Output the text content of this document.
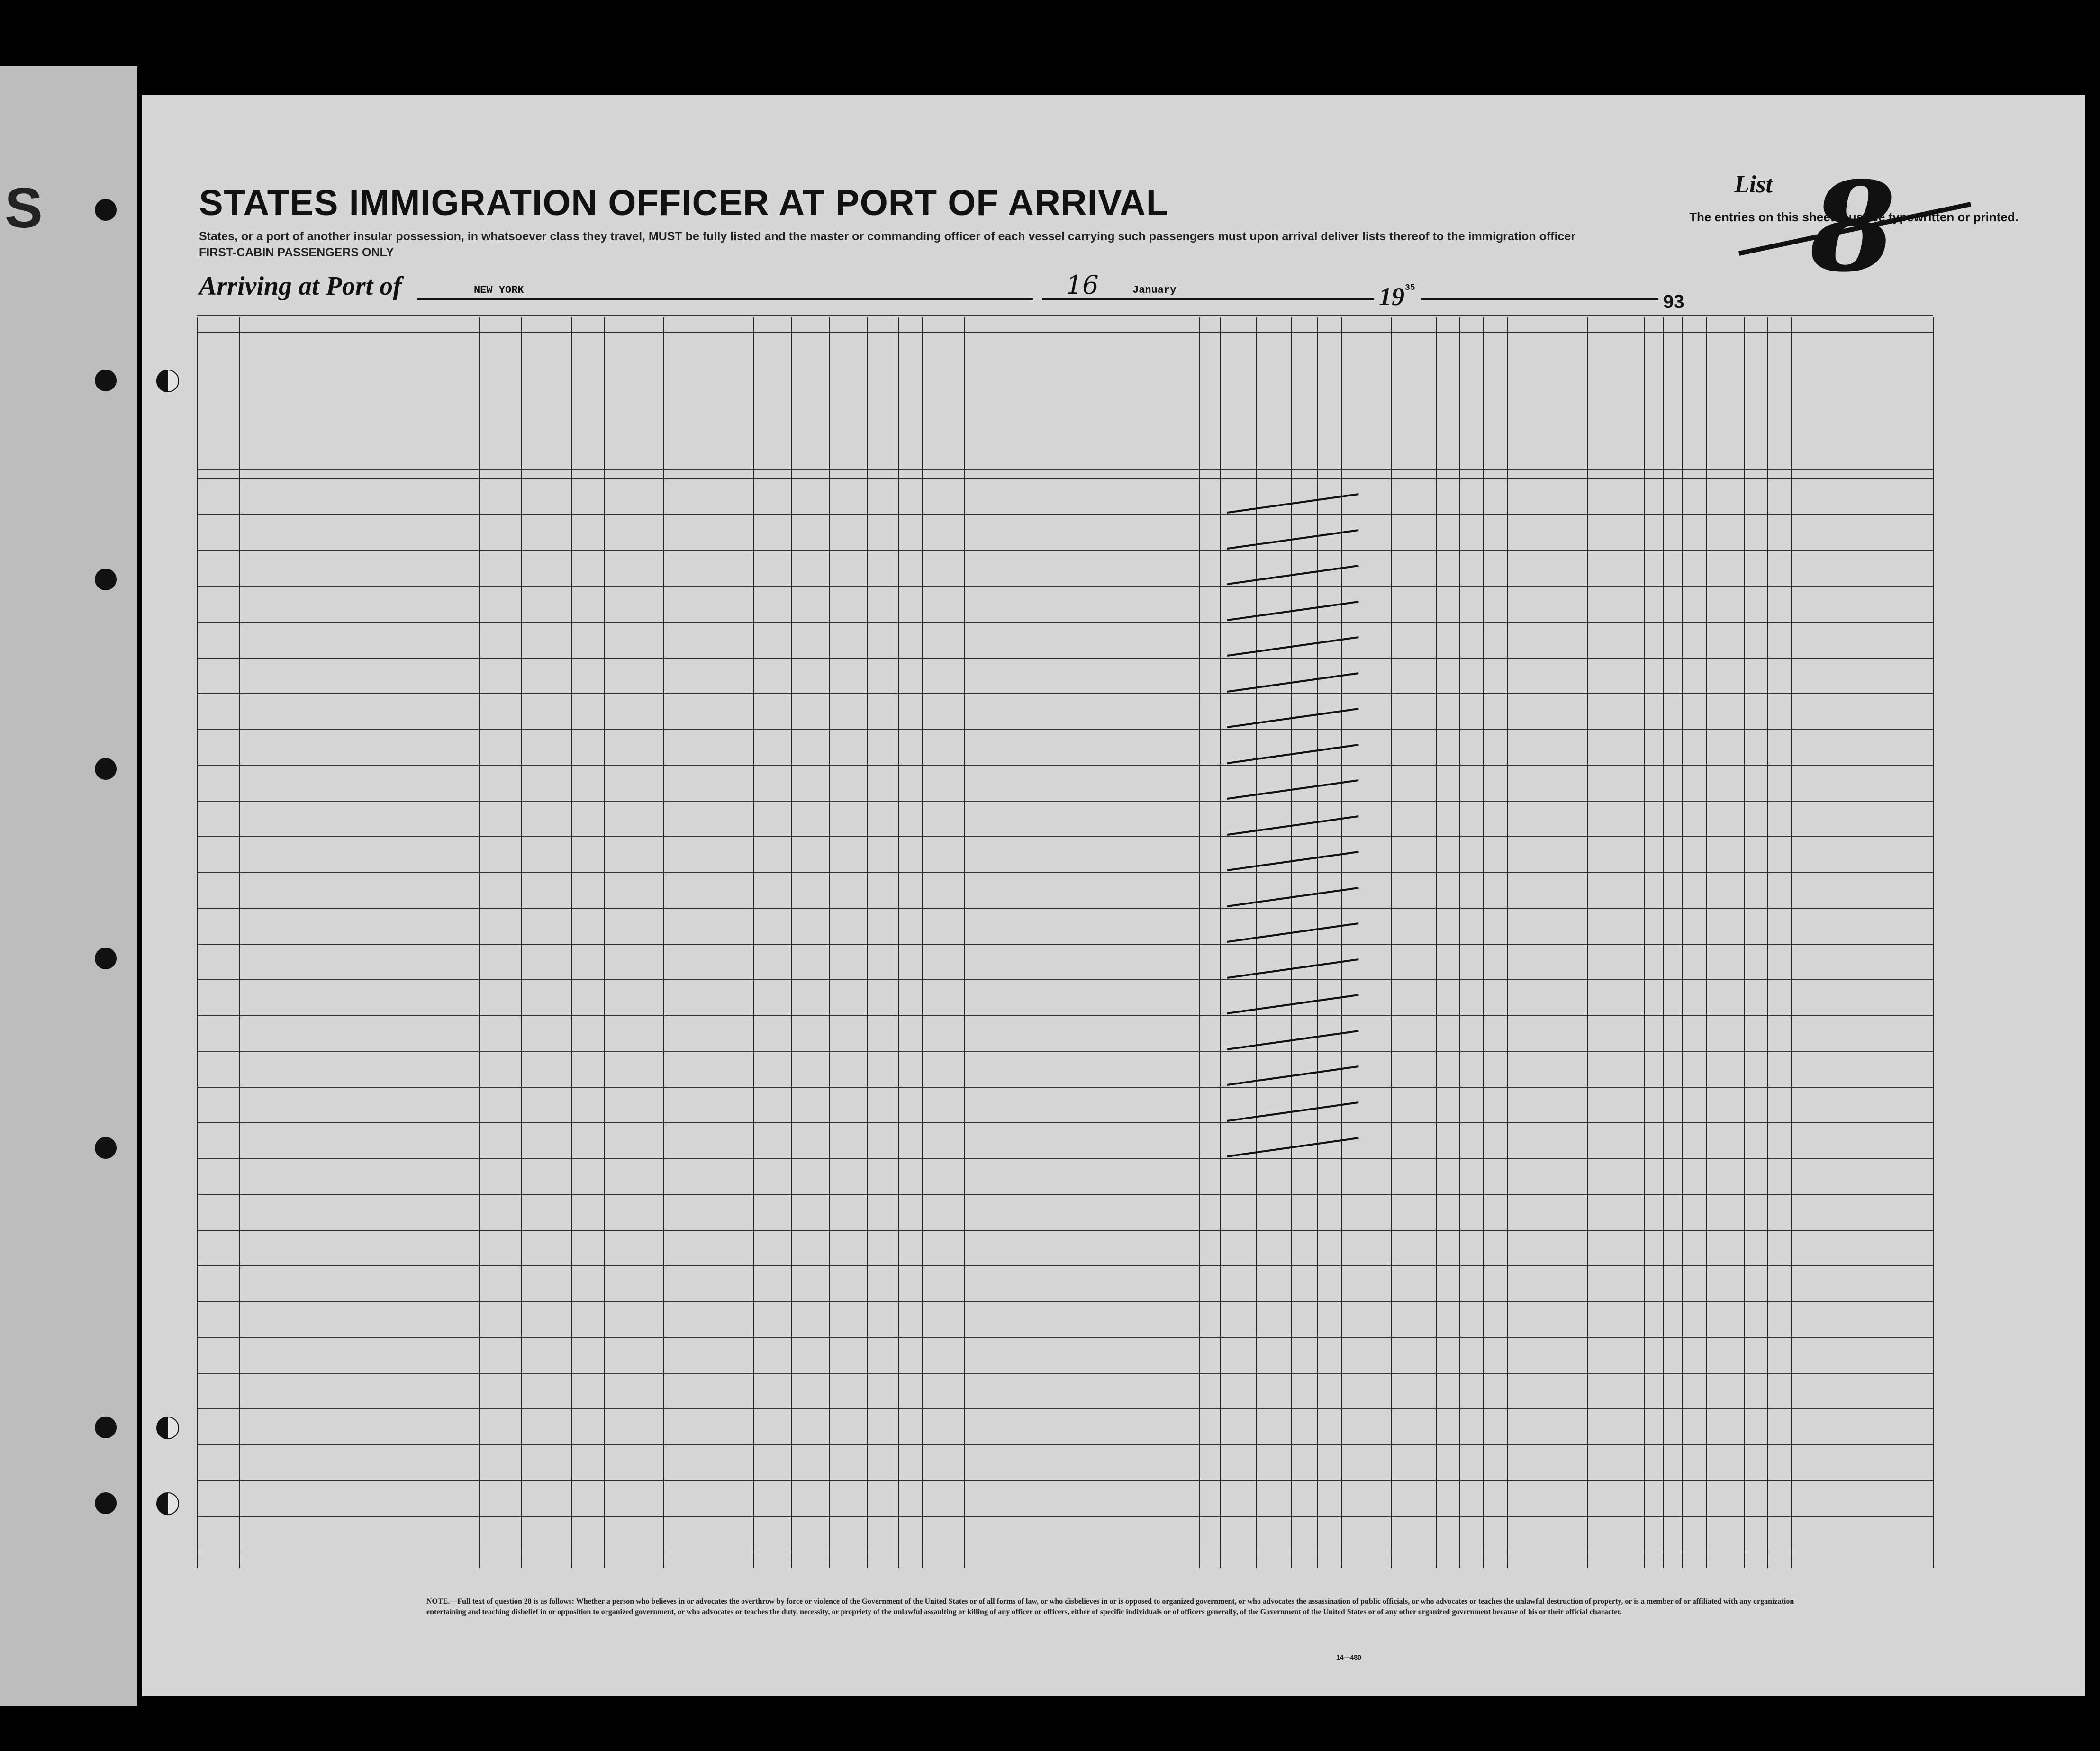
S	STATES IMMIGRATION OFFICER AT PORT OF ARRIVAL
States, or a port of another insular possession, in whatsoever class they travel, MUST be fully listed and the master or commanding officer of each vessel carrying such passengers must upon arrival deliver lists thereof to the immigration officer
FIRST-CABIN PASSENGERS ONLY
Arriving at Port of	NEW YORK	16	January	19 35
93
List 8
The entries on this sheet must be typewritten or printed.
NOTE.—Full text of question 28 is as follows: Whether a person who believes in or advocates the overthrow by force or violence of the Government of the United States or of all forms of law, or who disbelieves in or is opposed to organized government, or who advocates the assassination of public officials, or who advocates or teaches the unlawful destruction of property, or is a member of or affiliated with any organization entertaining and teaching disbelief in or opposition to organized government, or who advocates or teaches the duty, necessity, or propriety of the unlawful assaulting or killing of any officer or officers, either of specific individuals or of officers generally, of the Government of the United States or of any other organized government because of his or their official character.
14—480
